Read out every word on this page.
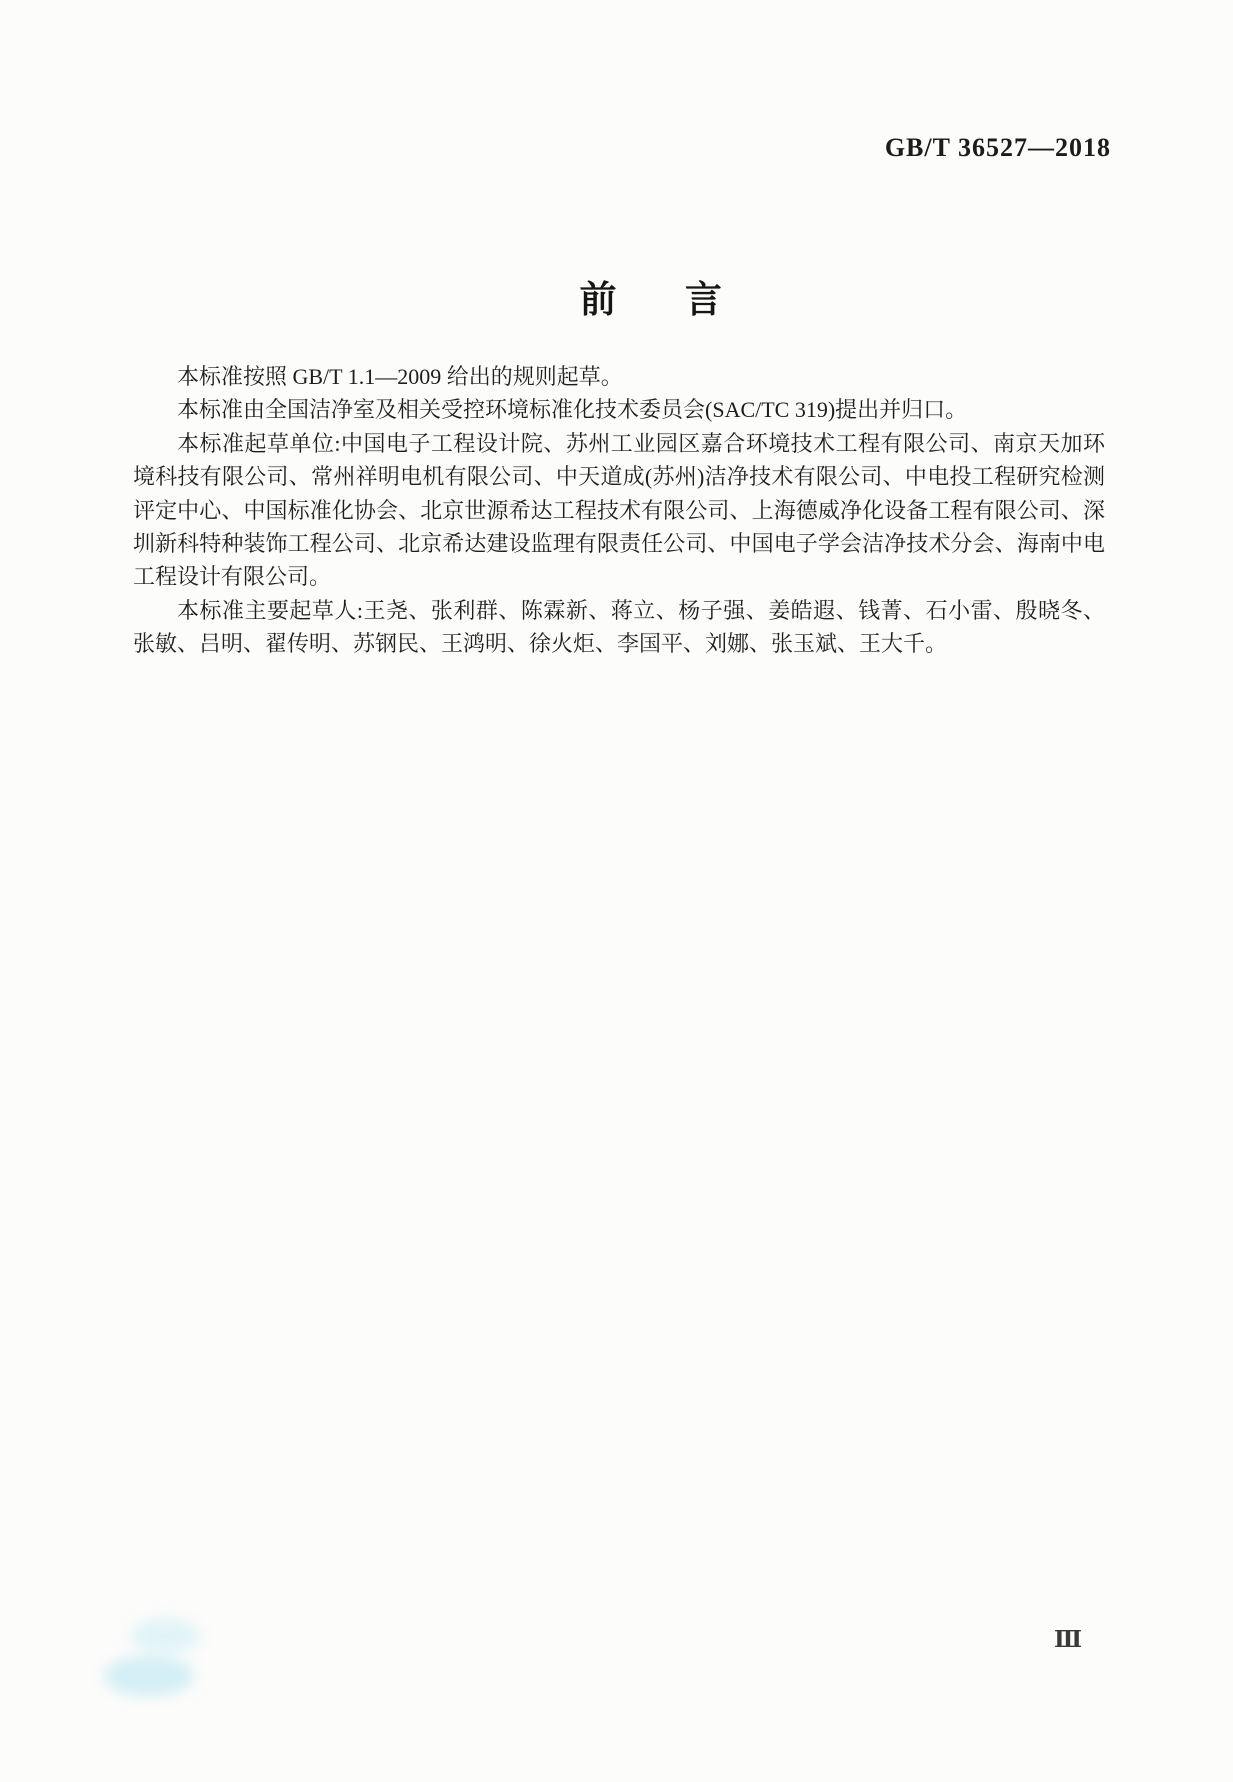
GB/T 36527—2018
前言

本标准按照 GB/T 1.1—2009 给出的规则起草。

本标准由全国洁净室及相关受控环境标准化技术委员会(SAC/TC 319)提出并归口。

本标准起草单位:中国电子工程设计院、苏州工业园区嘉合环境技术工程有限公司、南京天加环境科技有限公司、常州祥明电机有限公司、中天道成(苏州)洁净技术有限公司、中电投工程研究检测评定中心、中国标准化协会、北京世源希达工程技术有限公司、上海德威净化设备工程有限公司、深圳新科特种装饰工程公司、北京希达建设监理有限责任公司、中国电子学会洁净技术分会、海南中电工程设计有限公司。

本标准主要起草人:王尧、张利群、陈霖新、蒋立、杨子强、姜皓遐、钱菁、石小雷、殷晓冬、张敏、吕明、翟传明、苏钢民、王鸿明、徐火炬、李国平、刘娜、张玉斌、王大千。

Ⅲ
